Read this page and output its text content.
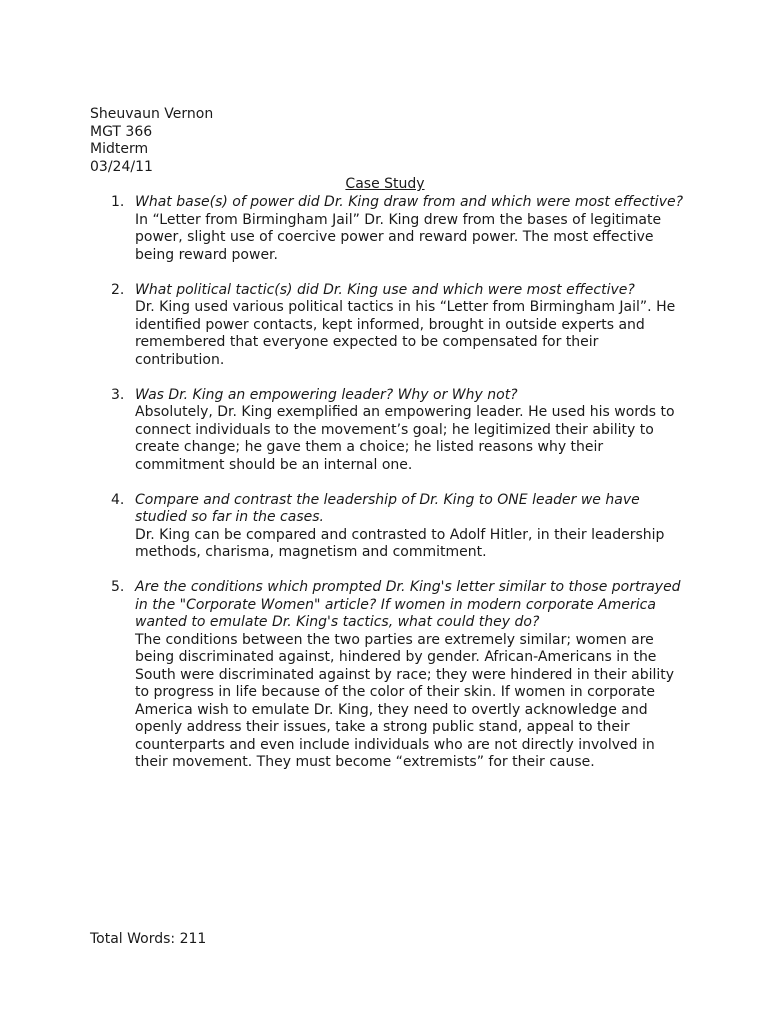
Sheuvaun Vernon
MGT 366
Midterm
03/24/11
Case Study
1. What base(s) of power did Dr. King draw from and which were most effective?
In “Letter from Birmingham Jail” Dr. King drew from the bases of legitimate power, slight use of coercive power and reward power. The most effective being reward power.
2. What political tactic(s) did Dr. King use and which were most effective?
Dr. King used various political tactics in his “Letter from Birmingham Jail”. He identified power contacts, kept informed, brought in outside experts and remembered that everyone expected to be compensated for their contribution.
3. Was Dr. King an empowering leader? Why or Why not?
Absolutely, Dr. King exemplified an empowering leader. He used his words to connect individuals to the movement’s goal; he legitimized their ability to create change; he gave them a choice; he listed reasons why their commitment should be an internal one.
4. Compare and contrast the leadership of Dr. King to ONE leader we have studied so far in the cases.
Dr. King can be compared and contrasted to Adolf Hitler, in their leadership methods, charisma, magnetism and commitment.
5. Are the conditions which prompted Dr. King's letter similar to those portrayed in the "Corporate Women" article? If women in modern corporate America wanted to emulate Dr. King's tactics, what could they do?
The conditions between the two parties are extremely similar; women are being discriminated against, hindered by gender. African-Americans in the South were discriminated against by race; they were hindered in their ability to progress in life because of the color of their skin. If women in corporate America wish to emulate Dr. King, they need to overtly acknowledge and openly address their issues, take a strong public stand, appeal to their counterparts and even include individuals who are not directly involved in their movement. They must become “extremists” for their cause.
Total Words: 211
